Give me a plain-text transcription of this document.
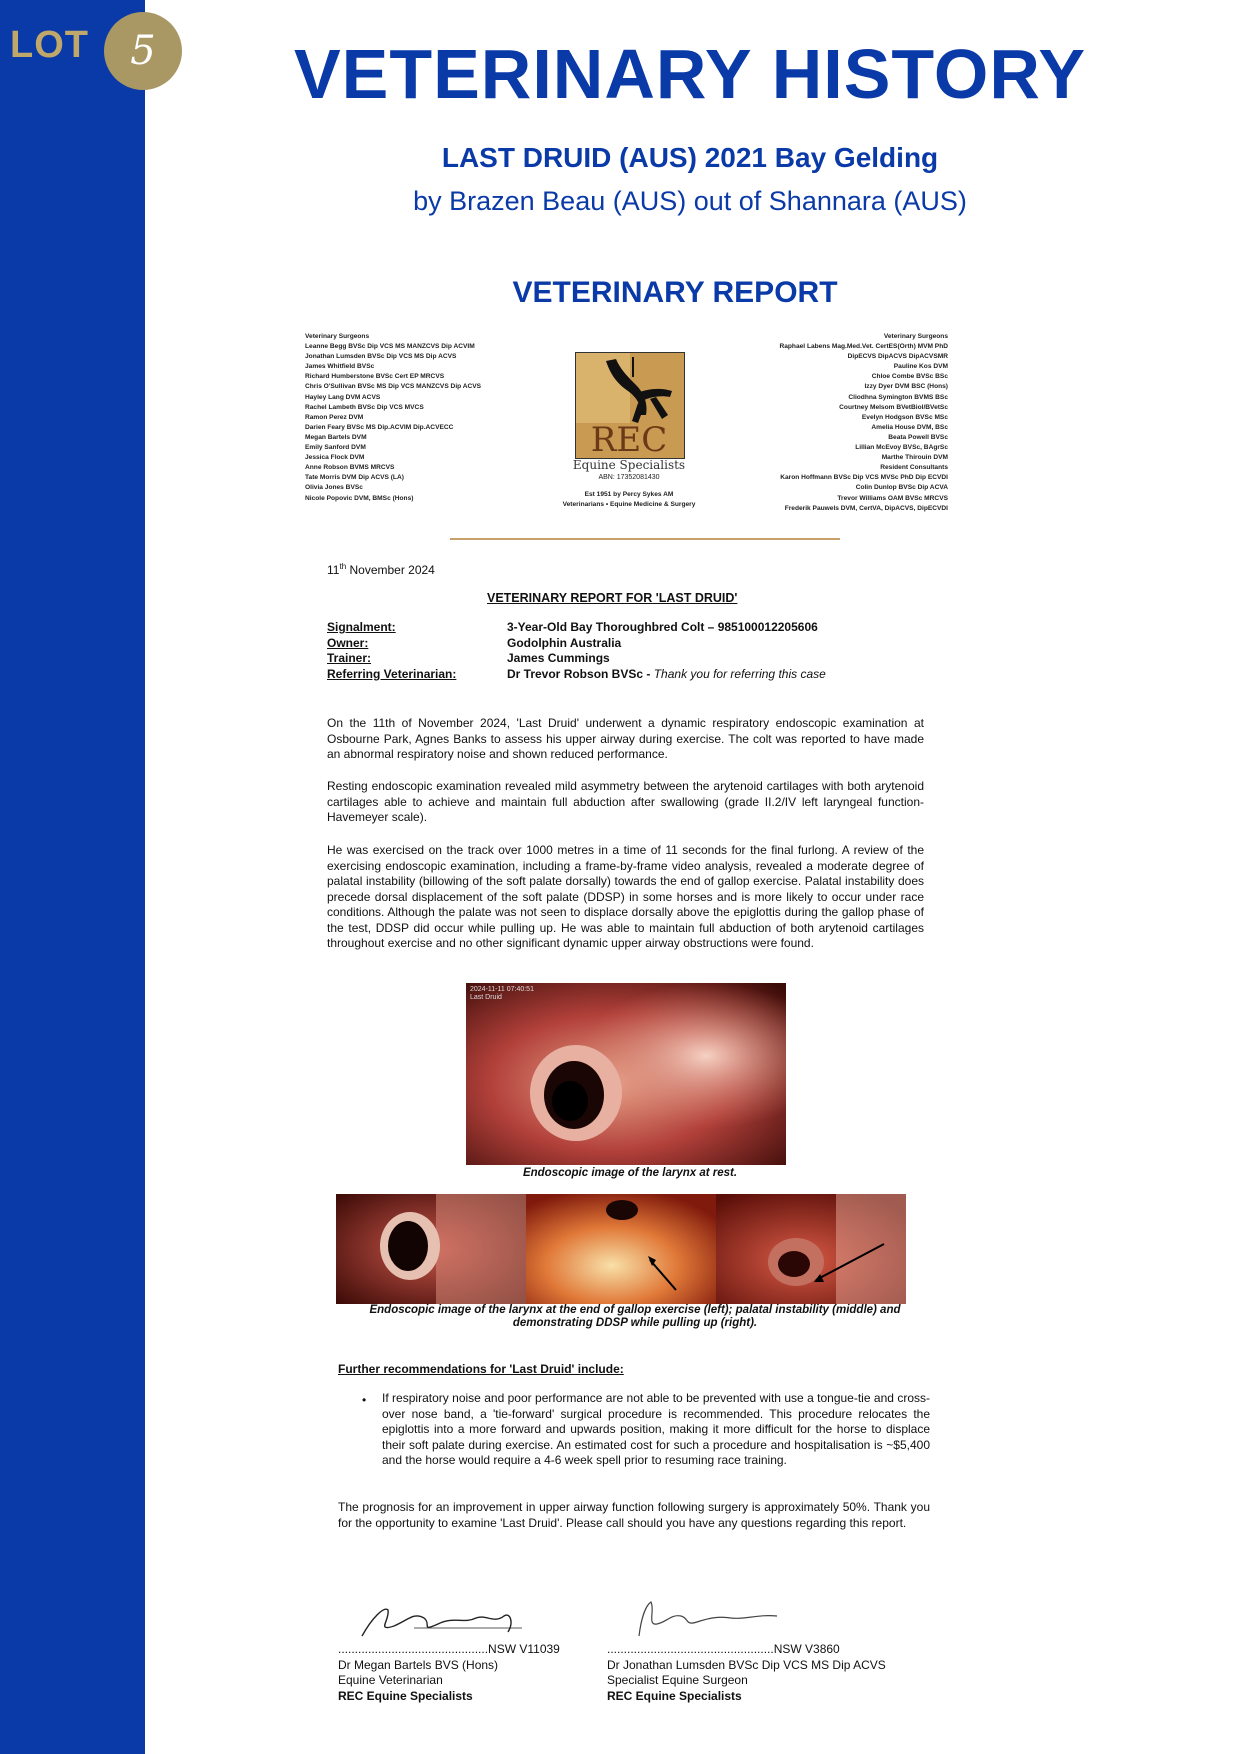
LOT	5	VETERINARY HISTORY
LAST DRUID (AUS) 2021 Bay Gelding
by Brazen Beau (AUS) out of Shannara (AUS)
VETERINARY REPORT
Veterinary Surgeons
Leanne Begg BVSc Dip VCS MS MANZCVS Dip ACVIM
Jonathan Lumsden BVSc Dip VCS MS Dip ACVS
James Whitfield BVSc
Richard Humberstone BVSc Cert EP MRCVS
Chris O'Sullivan BVSc MS Dip VCS MANZCVS Dip ACVS
Hayley Lang DVM ACVS
Rachel Lambeth BVSc Dip VCS MVCS
Ramon Perez DVM
Darien Feary BVSc MS Dip.ACVIM Dip.ACVECC
Megan Bartels DVM
Emily Sanford DVM
Jessica Flock DVM
Anne Robson BVMS MRCVS
Tate Morris DVM Dip ACVS (LA)
Olivia Jones BVSc
Nicole Popovic DVM, BMSc (Hons)
REC
Equine Specialists
ABN: 17352081430
Est 1951 by Percy Sykes AM
Veterinarians • Equine Medicine & Surgery
Veterinary Surgeons
Raphael Labens Mag.Med.Vet. CertES(Orth) MVM PhD
DipECVS DipACVS DipACVSMR
Pauline Kos DVM
Chloe Combe BVSc BSc
Izzy Dyer DVM BSC (Hons)
Cliodhna Symington BVMS BSc
Courtney Melsom BVetBiol/BVetSc
Evelyn Hodgson BVSc MSc
Amelia House DVM, BSc
Beata Powell BVSc
Lillian McEvoy BVSc, BAgrSc
Marthe Thirouin DVM
Resident Consultants
Karon Hoffmann BVSc Dip VCS MVSc PhD Dip ECVDI
Colin Dunlop BVSc Dip ACVA
Trevor Williams OAM BVSc MRCVS
Frederik Pauwels DVM, CertVA, DipACVS, DipECVDI
11th November 2024
VETERINARY REPORT FOR 'LAST DRUID'
Signalment:	3-Year-Old Bay Thoroughbred Colt – 985100012205606
Owner:	Godolphin Australia
Trainer:	James Cummings
Referring Veterinarian:	Dr Trevor Robson BVSc - Thank you for referring this case
On the 11th of November 2024, 'Last Druid' underwent a dynamic respiratory endoscopic examination at Osbourne Park, Agnes Banks to assess his upper airway during exercise. The colt was reported to have made an abnormal respiratory noise and shown reduced performance.
Resting endoscopic examination revealed mild asymmetry between the arytenoid cartilages with both arytenoid cartilages able to achieve and maintain full abduction after swallowing (grade II.2/IV left laryngeal function- Havemeyer scale).
He was exercised on the track over 1000 metres in a time of 11 seconds for the final furlong. A review of the exercising endoscopic examination, including a frame-by-frame video analysis, revealed a moderate degree of palatal instability (billowing of the soft palate dorsally) towards the end of gallop exercise. Palatal instability does precede dorsal displacement of the soft palate (DDSP) in some horses and is more likely to occur under race conditions. Although the palate was not seen to displace dorsally above the epiglottis during the gallop phase of the test, DDSP did occur while pulling up. He was able to maintain full abduction of both arytenoid cartilages throughout exercise and no other significant dynamic upper airway obstructions were found.
2024-11-11 07:40:51
Last Druid
Endoscopic image of the larynx at rest.
Endoscopic image of the larynx at the end of gallop exercise (left); palatal instability (middle) and demonstrating DDSP while pulling up (right).
Further recommendations for 'Last Druid' include:
• If respiratory noise and poor performance are not able to be prevented with use a tongue-tie and cross-over nose band, a 'tie-forward' surgical procedure is recommended. This procedure relocates the epiglottis into a more forward and upwards position, making it more difficult for the horse to displace their soft palate during exercise. An estimated cost for such a procedure and hospitalisation is ~$5,400 and the horse would require a 4-6 week spell prior to resuming race training.
The prognosis for an improvement in upper airway function following surgery is approximately 50%. Thank you for the opportunity to examine 'Last Druid'. Please call should you have any questions regarding this report.
.............................................NSW V11039
Dr Megan Bartels BVS (Hons)
Equine Veterinarian
REC Equine Specialists
..................................................NSW V3860
Dr Jonathan Lumsden BVSc Dip VCS MS Dip ACVS
Specialist Equine Surgeon
REC Equine Specialists
